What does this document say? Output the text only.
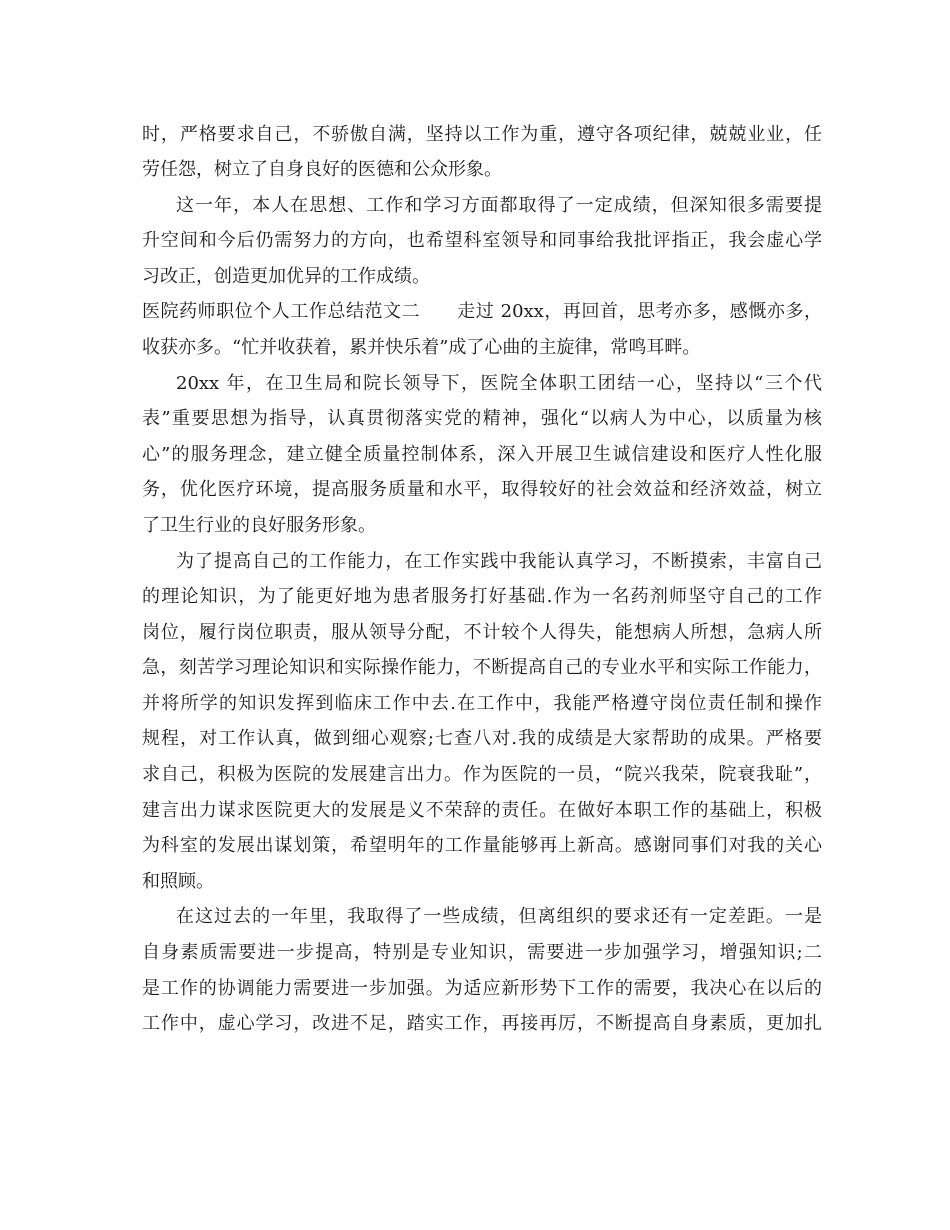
时，严格要求自己，不骄傲自满，坚持以工作为重，遵守各项纪律，兢兢业业，任
劳任怨，树立了自身良好的医德和公众形象。
这一年，本人在思想、工作和学习方面都取得了一定成绩，但深知很多需要提
升空间和今后仍需努力的方向，也希望科室领导和同事给我批评指正，我会虚心学
习改正，创造更加优异的工作成绩。
医院药师职位个人工作总结范文二　　走过 20xx，再回首，思考亦多，感慨亦多，
收获亦多。“忙并收获着，累并快乐着”成了心曲的主旋律，常鸣耳畔。
20xx 年，在卫生局和院长领导下，医院全体职工团结一心，坚持以“三个代
表”重要思想为指导，认真贯彻落实党的精神，强化“以病人为中心，以质量为核
心”的服务理念，建立健全质量控制体系，深入开展卫生诚信建设和医疗人性化服
务，优化医疗环境，提高服务质量和水平，取得较好的社会效益和经济效益，树立
了卫生行业的良好服务形象。
为了提高自己的工作能力，在工作实践中我能认真学习，不断摸索，丰富自己
的理论知识，为了能更好地为患者服务打好基础.作为一名药剂师坚守自己的工作
岗位，履行岗位职责，服从领导分配，不计较个人得失，能想病人所想，急病人所
急，刻苦学习理论知识和实际操作能力，不断提高自己的专业水平和实际工作能力，
并将所学的知识发挥到临床工作中去.在工作中，我能严格遵守岗位责任制和操作
规程，对工作认真，做到细心观察;七查八对.我的成绩是大家帮助的成果。严格要
求自己，积极为医院的发展建言出力。作为医院的一员，“院兴我荣，院衰我耻”，
建言出力谋求医院更大的发展是义不荣辞的责任。在做好本职工作的基础上，积极
为科室的发展出谋划策，希望明年的工作量能够再上新高。感谢同事们对我的关心
和照顾。
在这过去的一年里，我取得了一些成绩，但离组织的要求还有一定差距。一是
自身素质需要进一步提高，特别是专业知识，需要进一步加强学习，增强知识;二
是工作的协调能力需要进一步加强。为适应新形势下工作的需要，我决心在以后的
工作中，虚心学习，改进不足，踏实工作，再接再厉，不断提高自身素质，更加扎
